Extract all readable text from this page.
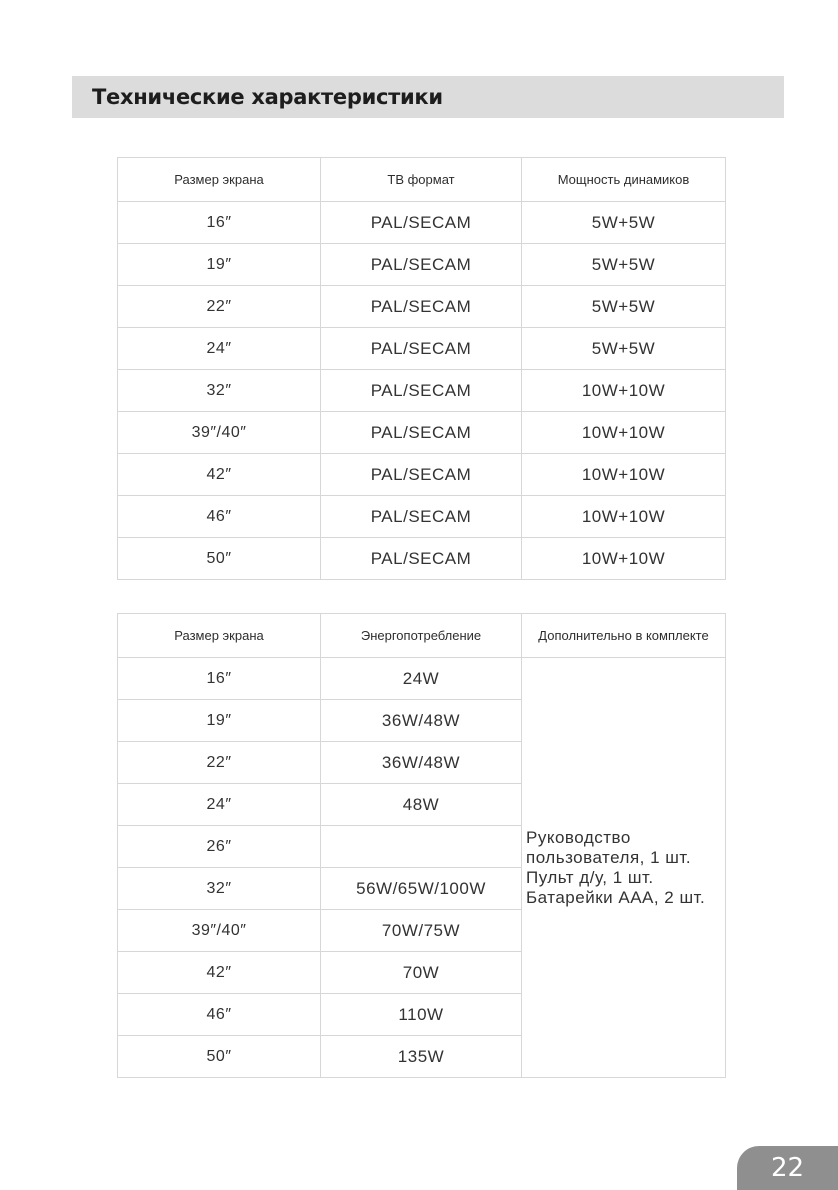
Технические характеристики
Размер экрана	ТВ формат	Мощность динамиков
16″	PAL/SECAM	5W+5W
19″	PAL/SECAM	5W+5W
22″	PAL/SECAM	5W+5W
24″	PAL/SECAM	5W+5W
32″	PAL/SECAM	10W+10W
39″/40″	PAL/SECAM	10W+10W
42″	PAL/SECAM	10W+10W
46″	PAL/SECAM	10W+10W
50″	PAL/SECAM	10W+10W
Размер экрана	Энергопотребление	Дополнительно в комплекте
16″	24W	Руководство пользователя, 1 шт.
Пульт д/у, 1 шт.
Батарейки AAA, 2 шт.

19″	36W/48W	
22″	36W/48W	
24″	48W	
26″		
32″	56W/65W/100W	
39″/40″	70W/75W	
42″	70W	
46″	110W	
50″	135W	
22
